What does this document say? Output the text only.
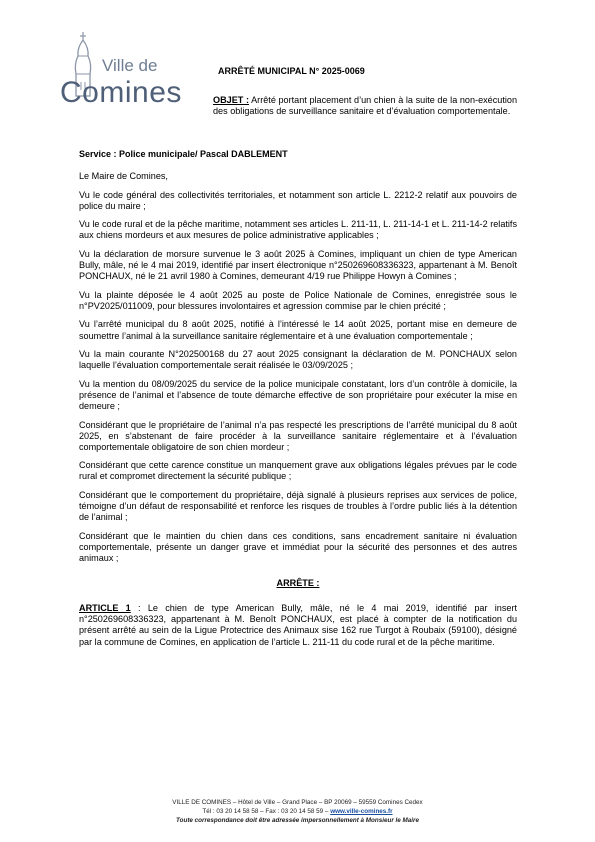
Ville de
Comines
ARRÊTÉ MUNICIPAL N° 2025-0069
OBJET : Arrêté portant placement d’un chien à la suite de la non-exécution des obligations de surveillance sanitaire et d’évaluation comportementale.
Service : Police municipale/ Pascal DABLEMENT

Le Maire de Comines,

Vu le code général des collectivités territoriales, et notamment son article L. 2212-2 relatif aux pouvoirs de police du maire ;

Vu le code rural et de la pêche maritime, notamment ses articles L. 211-11, L. 211-14-1 et L. 211-14-2 relatifs aux chiens mordeurs et aux mesures de police administrative applicables ;

Vu la déclaration de morsure survenue le 3 août 2025 à Comines, impliquant un chien de type American Bully, mâle, né le 4 mai 2019, identifié par insert électronique n°250269608336323, appartenant à M. Benoît PONCHAUX, né le 21 avril 1980 à Comines, demeurant 4/19 rue Philippe Howyn à Comines ;

Vu la plainte déposée le 4 août 2025 au poste de Police Nationale de Comines, enregistrée sous le n°PV2025/011009, pour blessures involontaires et agression commise par le chien précité ;

Vu l’arrêté municipal du 8 août 2025, notifié à l’intéressé le 14 août 2025, portant mise en demeure de soumettre l’animal à la surveillance sanitaire réglementaire et à une évaluation comportementale ;

Vu la main courante N°202500168 du 27 aout 2025 consignant la déclaration de M. PONCHAUX selon laquelle l’évaluation comportementale serait réalisée le 03/09/2025 ;

Vu la mention du 08/09/2025 du service de la police municipale constatant, lors d’un contrôle à domicile, la présence de l’animal et l’absence de toute démarche effective de son propriétaire pour exécuter la mise en demeure ;

Considérant que le propriétaire de l’animal n’a pas respecté les prescriptions de l’arrêté municipal du 8 août 2025, en s’abstenant de faire procéder à la surveillance sanitaire réglementaire et à l’évaluation comportementale obligatoire de son chien mordeur ;

Considérant que cette carence constitue un manquement grave aux obligations légales prévues par le code rural et compromet directement la sécurité publique ;

Considérant que le comportement du propriétaire, déjà signalé à plusieurs reprises aux services de police, témoigne d’un défaut de responsabilité et renforce les risques de troubles à l’ordre public liés à la détention de l’animal ;

Considérant que le maintien du chien dans ces conditions, sans encadrement sanitaire ni évaluation comportementale, présente un danger grave et immédiat pour la sécurité des personnes et des autres animaux ;

ARRÊTE :

ARTICLE 1 : Le chien de type American Bully, mâle, né le 4 mai 2019, identifié par insert n°250269608336323, appartenant à M. Benoît PONCHAUX, est placé à compter de la notification du présent arrêté au sein de la Ligue Protectrice des Animaux sise 162 rue Turgot à Roubaix (59100), désigné par la commune de Comines, en application de l’article L. 211-11 du code rural et de la pêche maritime.

VILLE DE COMINES – Hôtel de Ville – Grand Place – BP 20069 – 59559 Comines Cedex
Tél : 03 20 14 58 58 – Fax : 03 20 14 58 59 – www.ville-comines.fr
Toute correspondance doit être adressée impersonnellement à Monsieur le Maire
